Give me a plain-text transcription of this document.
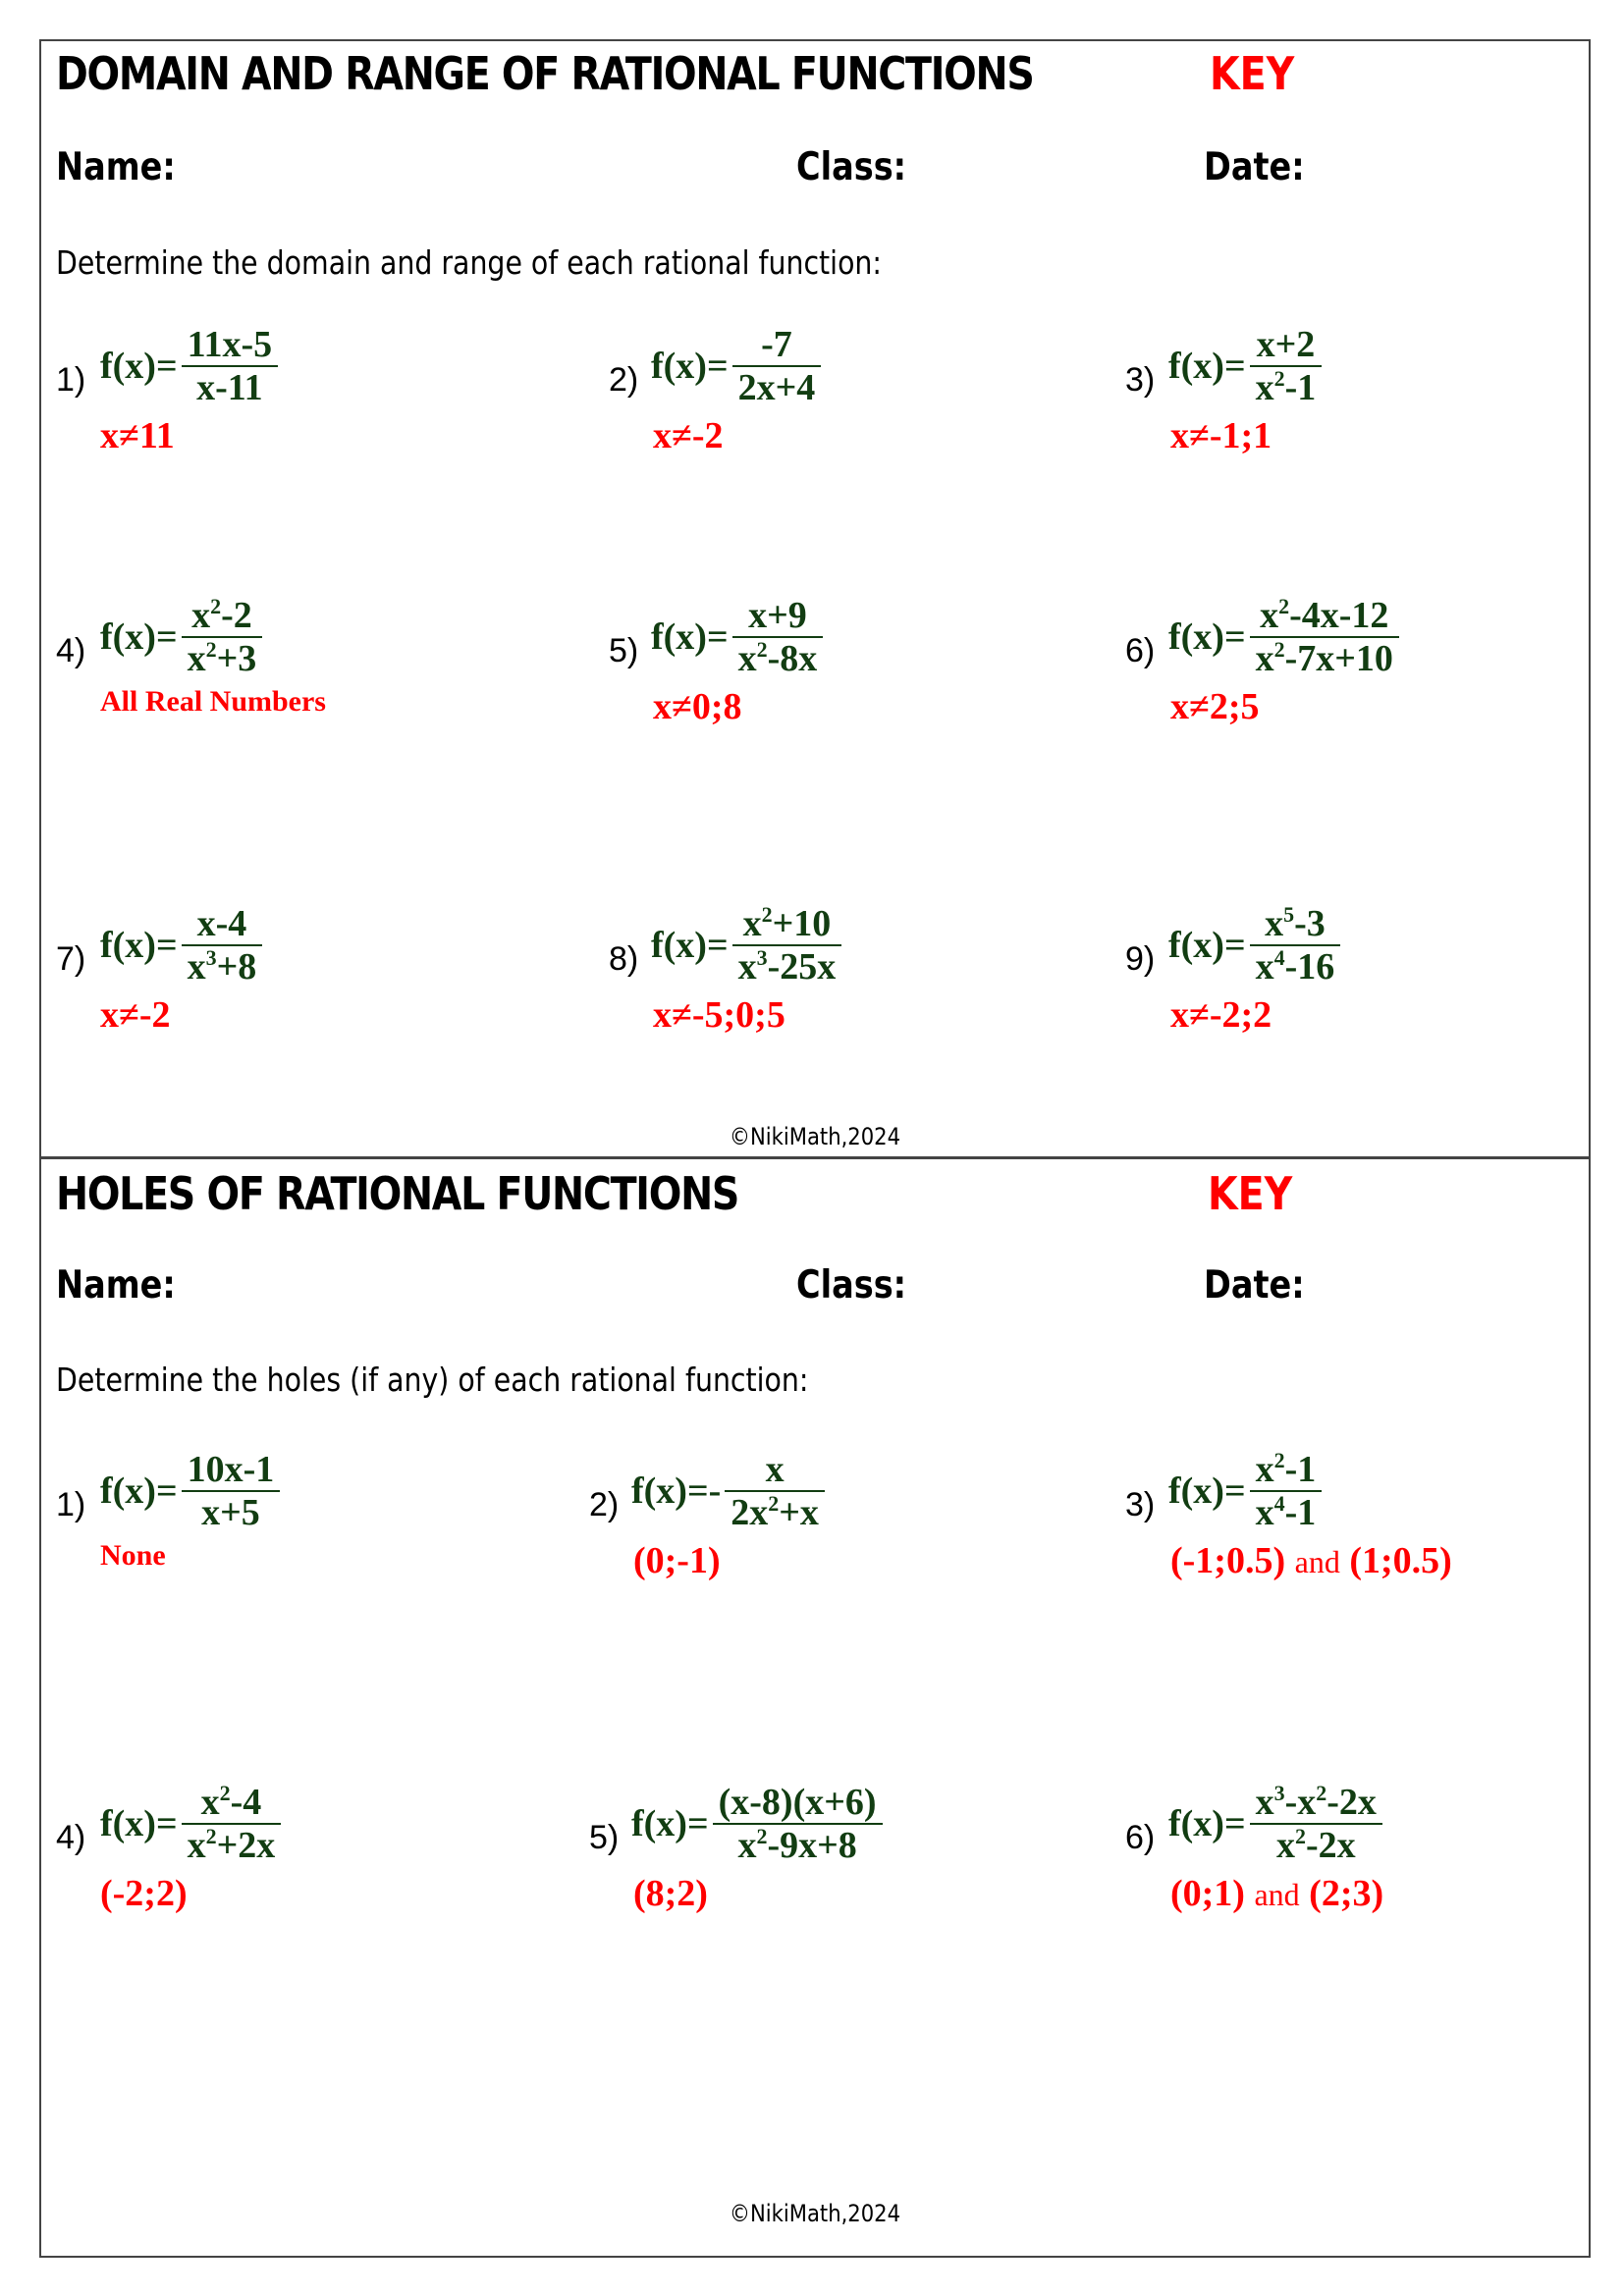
DOMAIN AND RANGE OF RATIONAL FUNCTIONS	KEY
Name:	Class:	Date:
Determine the domain and range of each rational function:
1) $f(x)= \frac{11x-5}{x-11}$
x≠11
2) $f(x)= \frac{-7}{2x+4}$
x≠-2
3) $f(x)= \frac{x+2}{x^2-1}$
x≠-1;1
4) $f(x)= \frac{x^2-2}{x^2+3}$
All Real Numbers
5) $f(x)= \frac{x+9}{x^2-8x}$
x≠0;8
6) $f(x)= \frac{x^2-4x-12}{x^2-7x+10}$
x≠2;5
7) $f(x)= \frac{x-4}{x^3+8}$
x≠-2
8) $f(x)= \frac{x^2+10}{x^3-25x}$
x≠-5;0;5
9) $f(x)= \frac{x^5-3}{x^4-16}$
x≠-2;2
©NikiMath,2024
HOLES OF RATIONAL FUNCTIONS	KEY
Name:	Class:	Date:
Determine the holes (if any) of each rational function:
1) $f(x)= \frac{10x-1}{x+5}$
None
2) $f(x)=- \frac{x}{2x^2+x}$
(0;-1)
3) $f(x)= \frac{x^2-1}{x^4-1}$
(-1;0.5) and (1;0.5)
4) $f(x)= \frac{x^2-4}{x^2+2x}$
(-2;2)
5) $f(x)= \frac{(x-8)(x+6)}{x^2-9x+8}$
(8;2)
6) $f(x)= \frac{x^3-x^2-2x}{x^2-2x}$
(0;1) and (2;3)
©NikiMath,2024
